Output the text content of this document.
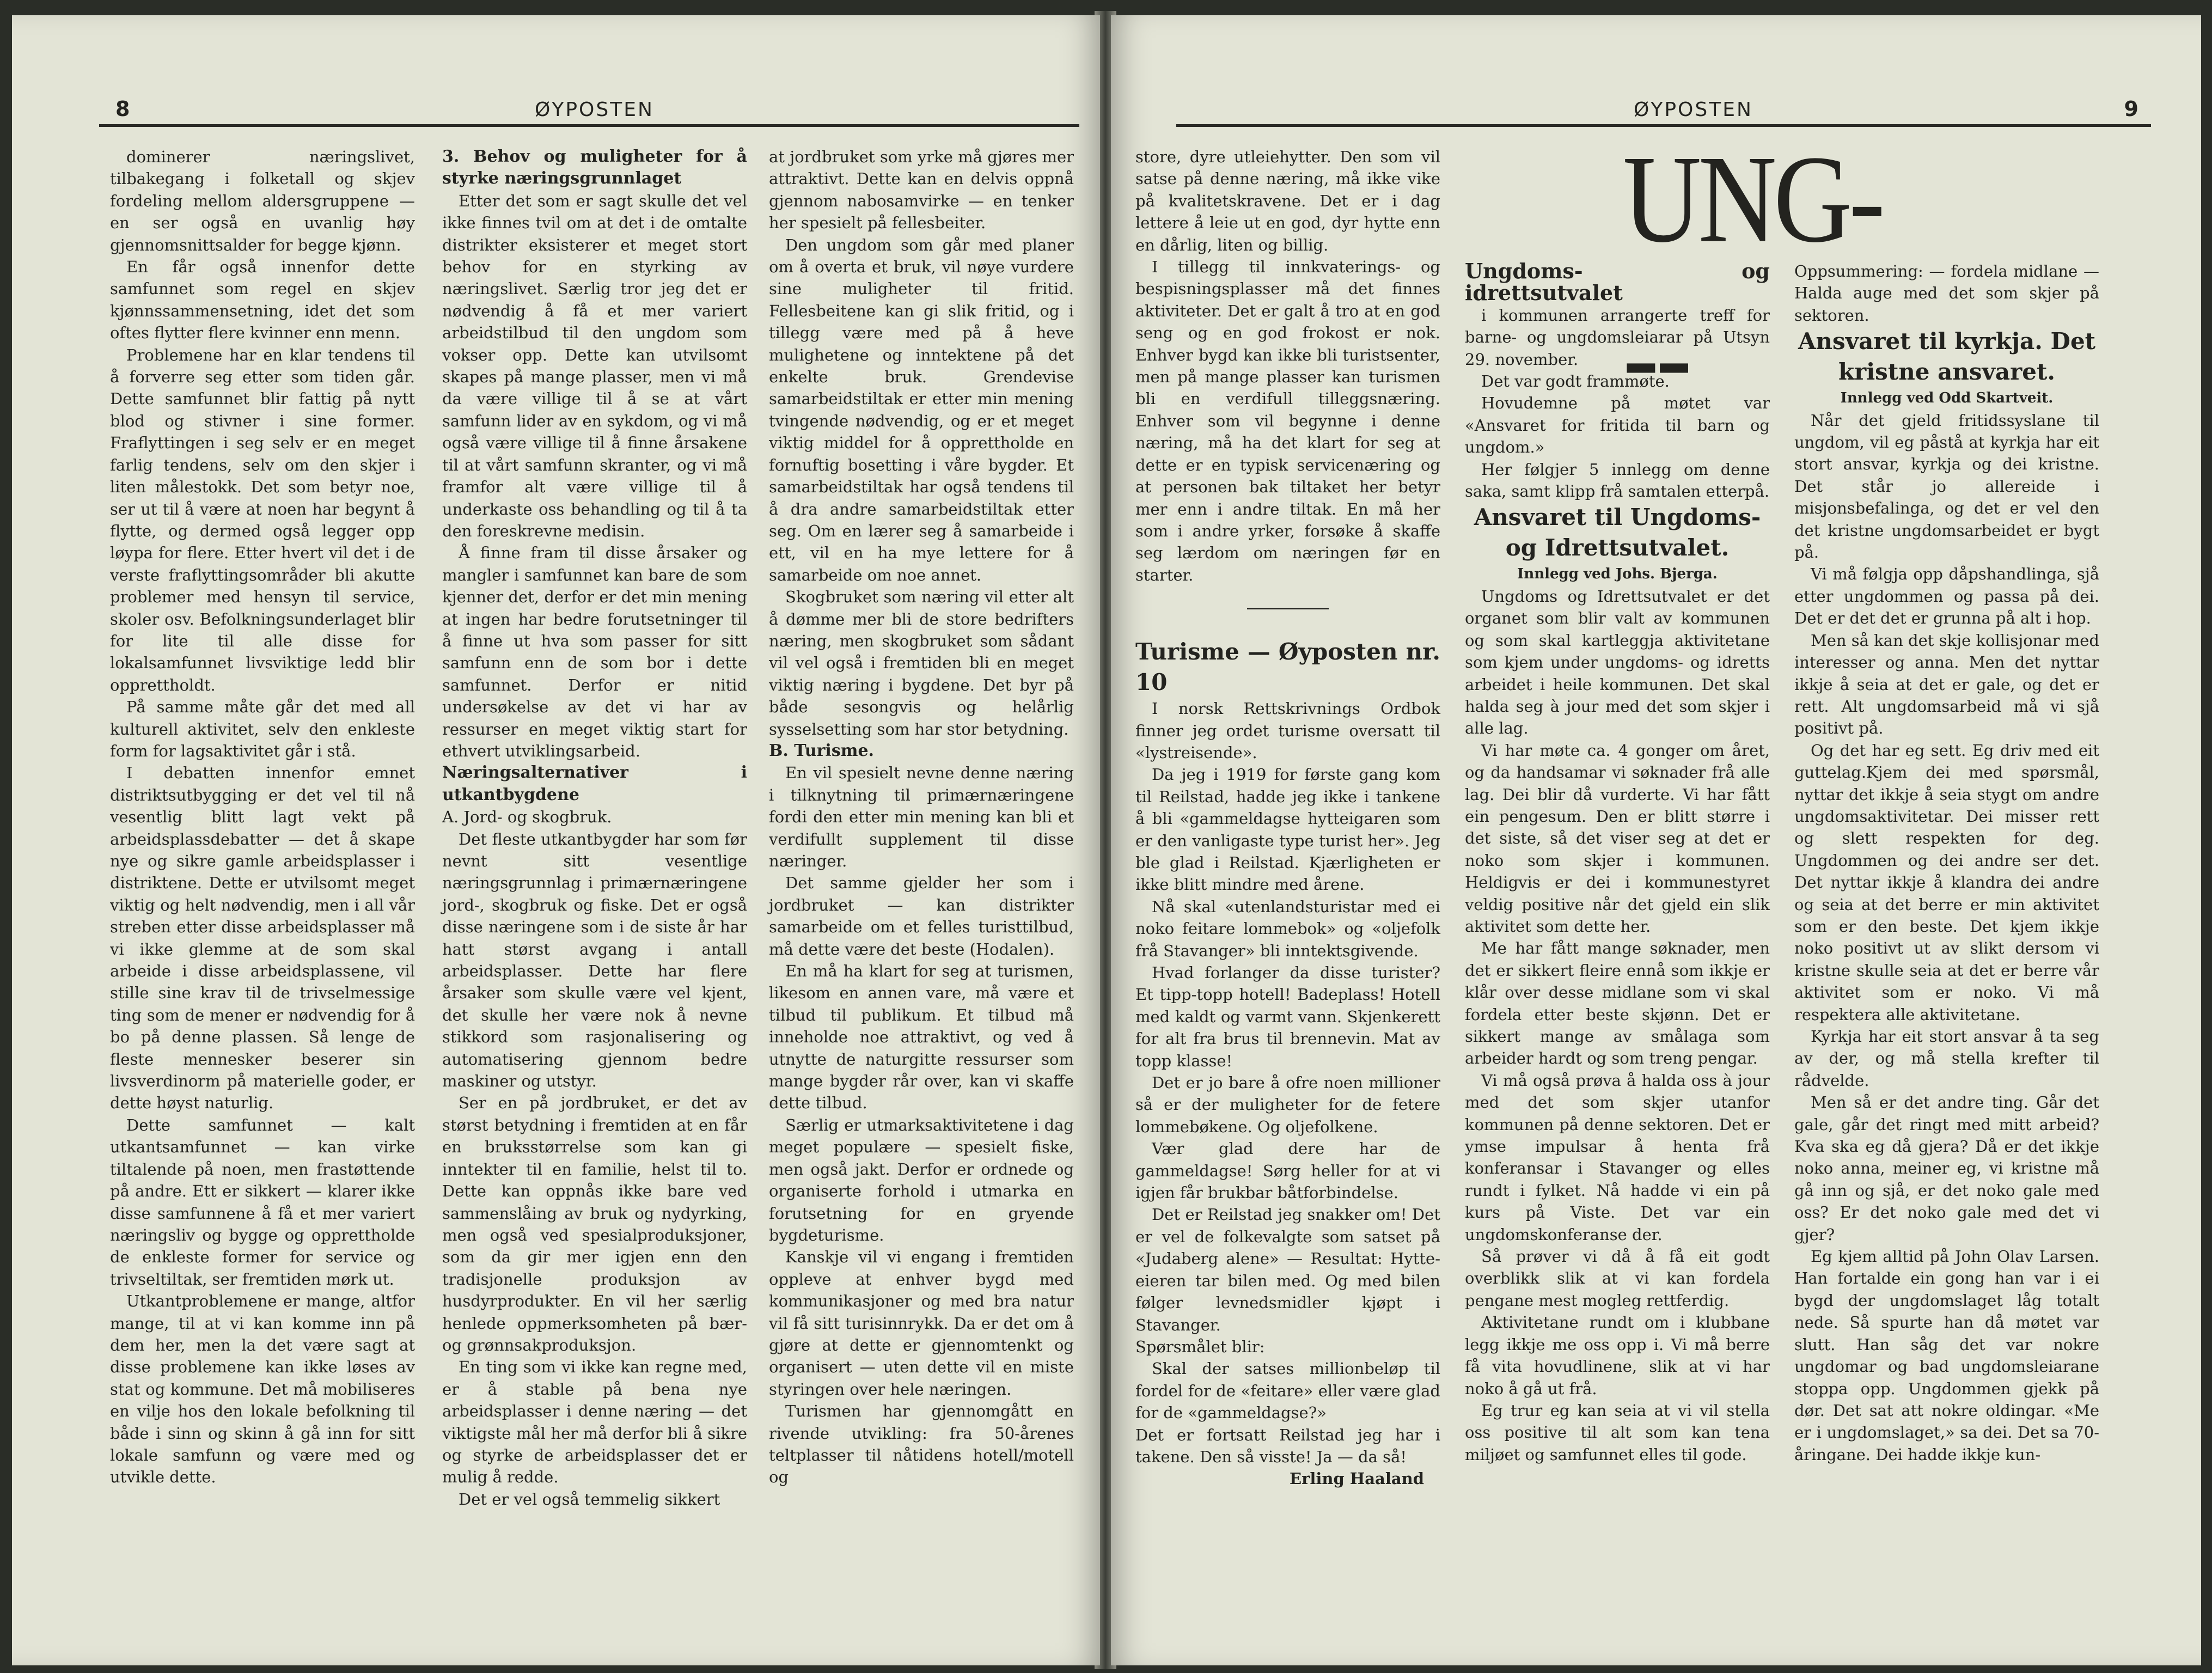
8	ØYPOSTEN

dominerer næringslivet, tilbakegang i folketall og skjev fordeling mellom aldersgruppene — en ser også en uvanlig høy gjennomsnittsalder for begge kjønn.

En får også innenfor dette samfunnet som regel en skjev kjønnssammensetning, idet det som oftes flytter flere kvinner enn menn.

Problemene har en klar tendens til å forverre seg etter som tiden går. Dette samfunnet blir fattig på nytt blod og stivner i sine former. Fraflyttingen i seg selv er en meget farlig tendens, selv om den skjer i liten målestokk. Det som betyr noe, ser ut til å være at noen har begynt å flytte, og dermed også legger opp løypa for flere. Etter hvert vil det i de verste fraflyttingsområder bli akutte problemer med hensyn til service, skoler osv. Befolkningsunderlaget blir for lite til alle disse for lokalsamfunnet livsviktige ledd blir opprettholdt.

På samme måte går det med all kulturell aktivitet, selv den enkleste form for lagsaktivitet går i stå.

I debatten innenfor emnet distriktsutbygging er det vel til nå vesentlig blitt lagt vekt på arbeidsplassdebatter — det å skape nye og sikre gamle arbeidsplasser i distriktene. Dette er utvilsomt meget viktig og helt nødvendig, men i all vår streben etter disse arbeidsplasser må vi ikke glemme at de som skal arbeide i disse arbeidsplassene, vil stille sine krav til de trivselmessige ting som de mener er nødvendig for å bo på denne plassen. Så lenge de fleste mennesker beserer sin livsverdinorm på materielle goder, er dette høyst naturlig.

Dette samfunnet — kalt utkantsamfunnet — kan virke tiltalende på noen, men frastøttende på andre. Ett er sikkert — klarer ikke disse samfunnene å få et mer variert næringsliv og bygge og opprettholde de enkleste former for service og trivseltiltak, ser fremtiden mørk ut.

Utkantproblemene er mange, altfor mange, til at vi kan komme inn på dem her, men la det være sagt at disse problemene kan ikke løses av stat og kommune. Det må mobiliseres en vilje hos den lokale befolkning til både i sinn og skinn å gå inn for sitt lokale samfunn og være med og utvikle dette.

3. Behov og muligheter for å styrke næringsgrunnlaget

Etter det som er sagt skulle det vel ikke finnes tvil om at det i de omtalte distrikter eksisterer et meget stort behov for en styrking av næringslivet. Særlig tror jeg det er nødvendig å få et mer variert arbeidstilbud til den ungdom som vokser opp. Dette kan utvilsomt skapes på mange plasser, men vi må da være villige til å se at vårt samfunn lider av en sykdom, og vi må også være villige til å finne årsakene til at vårt samfunn skranter, og vi må framfor alt være villige til å underkaste oss behandling og til å ta den foreskrevne medisin.

Å finne fram til disse årsaker og mangler i samfunnet kan bare de som kjenner det, derfor er det min mening at ingen har bedre forutsetninger til å finne ut hva som passer for sitt samfunn enn de som bor i dette samfunnet. Derfor er nitid undersøkelse av det vi har av ressurser en meget viktig start for ethvert utviklingsarbeid.

Næringsalternativer i utkantbygdene

A. Jord- og skogbruk.

Det fleste utkantbygder har som før nevnt sitt vesentlige næringsgrunnlag i primærnæringene jord-, skogbruk og fiske. Det er også disse næringene som i de siste år har hatt størst avgang i antall arbeidsplasser. Dette har flere årsaker som skulle være vel kjent, det skulle her være nok å nevne stikkord som rasjonalisering og automatisering gjennom bedre maskiner og utstyr.

Ser en på jordbruket, er det av størst betydning i fremtiden at en får en bruksstørrelse som kan gi inntekter til en familie, helst til to. Dette kan oppnås ikke bare ved sammenslåing av bruk og nydyrking, men også ved spesialproduksjoner, som da gir mer igjen enn den tradisjonelle produksjon av husdyrprodukter. En vil her særlig henlede oppmerksomheten på bær- og grønnsakproduksjon.

En ting som vi ikke kan regne med, er å stable på bena nye arbeidsplasser i denne næring — det viktigste mål her må derfor bli å sikre og styrke de arbeidsplasser det er mulig å redde.

Det er vel også temmelig sikkert

at jordbruket som yrke må gjøres mer attraktivt. Dette kan en delvis oppnå gjennom nabosamvirke — en tenker her spesielt på fellesbeiter.

Den ungdom som går med planer om å overta et bruk, vil nøye vurdere sine muligheter til fritid. Fellesbeitene kan gi slik fritid, og i tillegg være med på å heve mulighetene og inntektene på det enkelte bruk. Grendevise samarbeidstiltak er etter min mening tvingende nødvendig, og er et meget viktig middel for å opprettholde en fornuftig bosetting i våre bygder. Et samarbeidstiltak har også tendens til å dra andre samarbeidstiltak etter seg. Om en lærer seg å samarbeide i ett, vil en ha mye lettere for å samarbeide om noe annet.

Skogbruket som næring vil etter alt å dømme mer bli de store bedrifters næring, men skogbruket som sådant vil vel også i fremtiden bli en meget viktig næring i bygdene. Det byr på både sesongvis og helårlig sysselsetting som har stor betydning.

B. Turisme.

En vil spesielt nevne denne næring i tilknytning til primærnæringene fordi den etter min mening kan bli et verdifullt supplement til disse næringer.

Det samme gjelder her som i jordbruket — kan distrikter samarbeide om et felles turisttilbud, må dette være det beste (Hodalen).

En må ha klart for seg at turismen, likesom en annen vare, må være et tilbud til publikum. Et tilbud må inneholde noe attraktivt, og ved å utnytte de naturgitte ressurser som mange bygder rår over, kan vi skaffe dette tilbud.

Særlig er utmarksaktivitetene i dag meget populære — spesielt fiske, men også jakt. Derfor er ordnede og organiserte forhold i utmarka en forutsetning for en gryende bygdeturisme.

Kanskje vil vi engang i fremtiden oppleve at enhver bygd med kommunikasjoner og med bra natur vil få sitt turisinnrykk. Da er det om å gjøre at dette er gjennomtenkt og organisert — uten dette vil en miste styringen over hele næringen.

Turismen har gjennomgått en rivende utvikling: fra 50-årenes teltplasser til nåtidens hotell/motell og

ØYPOSTEN	9
UNG---

store, dyre utleiehytter. Den som vil satse på denne næring, må ikke vike på kvalitetskravene. Det er i dag lettere å leie ut en god, dyr hytte enn en dårlig, liten og billig.

I tillegg til innkvaterings- og bespisningsplasser må det finnes aktiviteter. Det er galt å tro at en god seng og en god frokost er nok. Enhver bygd kan ikke bli turistsenter, men på mange plasser kan turismen bli en verdifull tilleggsnæring. Enhver som vil begynne i denne næring, må ha det klart for seg at dette er en typisk servicenæring og at personen bak tiltaket her betyr mer enn i andre tiltak. En må her som i andre yrker, forsøke å skaffe seg lærdom om næringen før en starter.

Turisme — Øyposten nr. 10

I norsk Rettskrivnings Ordbok finner jeg ordet turisme oversatt til «lystreisende».

Da jeg i 1919 for første gang kom til Reilstad, hadde jeg ikke i tankene å bli «gammeldagse hytteigaren som er den vanligaste type turist her». Jeg ble glad i Reilstad. Kjærligheten er ikke blitt mindre med årene.

Nå skal «utenlandsturistar med ei noko feitare lommebok» og «oljefolk frå Stavanger» bli inntektsgivende.

Hvad forlanger da disse turister? Et tipp-topp hotell! Badeplass! Hotell med kaldt og varmt vann. Skjenkerett for alt fra brus til brennevin. Mat av topp klasse!

Det er jo bare å ofre noen millioner så er der muligheter for de fetere lommebøkene. Og oljefolkene.

Vær glad dere har de gammeldagse! Sørg heller for at vi igjen får brukbar båtforbindelse.

Det er Reilstad jeg snakker om! Det er vel de folkevalgte som satset på «Judaberg alene» — Resultat: Hytte-eieren tar bilen med. Og med bilen følger levnedsmidler kjøpt i Stavanger.

Spørsmålet blir:

Skal der satses millionbeløp til fordel for de «feitare» eller være glad for de «gammeldagse?»

Det er fortsatt Reilstad jeg har i takene. Den så visste! Ja — da så!

Erling Haaland

Ungdoms- og idrettsutvalet

i kommunen arrangerte treff for barne- og ungdomsleiarar på Utsyn 29. november.

Det var godt frammøte.

Hovudemne på møtet var «Ansvaret for fritida til barn og ungdom.»

Her følgjer 5 innlegg om denne saka, samt klipp frå samtalen etterpå.

Ansvaret til Ungdoms- og Idrettsutvalet.

Innlegg ved Johs. Bjerga.

Ungdoms og Idrettsutvalet er det organet som blir valt av kommunen og som skal kartleggja aktivitetane som kjem under ungdoms- og idretts arbeidet i heile kommunen. Det skal halda seg à jour med det som skjer i alle lag.

Vi har møte ca. 4 gonger om året, og da handsamar vi søknader frå alle lag. Dei blir då vurderte. Vi har fått ein pengesum. Den er blitt større i det siste, så det viser seg at det er noko som skjer i kommunen. Heldigvis er dei i kommunestyret veldig positive når det gjeld ein slik aktivitet som dette her.

Me har fått mange søknader, men det er sikkert fleire ennå som ikkje er klår over desse midlane som vi skal fordela etter beste skjønn. Det er sikkert mange av smålaga som arbeider hardt og som treng pengar.

Vi må også prøva å halda oss à jour med det som skjer utanfor kommunen på denne sektoren. Det er ymse impulsar å henta frå konferansar i Stavanger og elles rundt i fylket. Nå hadde vi ein på kurs på Viste. Det var ein ungdomskonferanse der.

Så prøver vi då å få eit godt overblikk slik at vi kan fordela pengane mest mogleg rettferdig.

Aktivitetane rundt om i klubbane legg ikkje me oss opp i. Vi må berre få vita hovudlinene, slik at vi har noko å gå ut frå.

Eg trur eg kan seia at vi vil stella oss positive til alt som kan tena miljøet og samfunnet elles til gode.

Oppsummering: — fordela midlane — Halda auge med det som skjer på sektoren.

Ansvaret til kyrkja. Det kristne ansvaret.

Innlegg ved Odd Skartveit.

Når det gjeld fritidssyslane til ungdom, vil eg påstå at kyrkja har eit stort ansvar, kyrkja og dei kristne. Det står jo allereide i misjonsbefalinga, og det er vel den det kristne ungdomsarbeidet er bygt på.

Vi må følgja opp dåpshandlinga, sjå etter ungdommen og passa på dei. Det er det det er grunna på alt i hop.

Men så kan det skje kollisjonar med interesser og anna. Men det nyttar ikkje å seia at det er gale, og det er rett. Alt ungdomsarbeid må vi sjå positivt på.

Og det har eg sett. Eg driv med eit guttelag.Kjem dei med spørsmål, nyttar det ikkje å seia stygt om andre ungdomsaktivitetar. Dei misser rett og slett respekten for deg. Ungdommen og dei andre ser det. Det nyttar ikkje å klandra dei andre og seia at det berre er min aktivitet som er den beste. Det kjem ikkje noko positivt ut av slikt dersom vi kristne skulle seia at det er berre vår aktivitet som er noko. Vi må respektera alle aktivitetane.

Kyrkja har eit stort ansvar å ta seg av der, og må stella krefter til rådvelde.

Men så er det andre ting. Går det gale, går det ringt med mitt arbeid? Kva ska eg då gjera? Då er det ikkje noko anna, meiner eg, vi kristne må gå inn og sjå, er det noko gale med oss? Er det noko gale med det vi gjer?

Eg kjem alltid på John Olav Larsen. Han fortalde ein gong han var i ei bygd der ungdomslaget låg totalt nede. Så spurte han då møtet var slutt. Han såg det var nokre ungdomar og bad ungdomsleiarane stoppa opp. Ungdommen gjekk på dør. Det sat att nokre oldingar. «Me er i ungdomslaget,» sa dei. Det sa 70-åringane. Dei hadde ikkje kun-
